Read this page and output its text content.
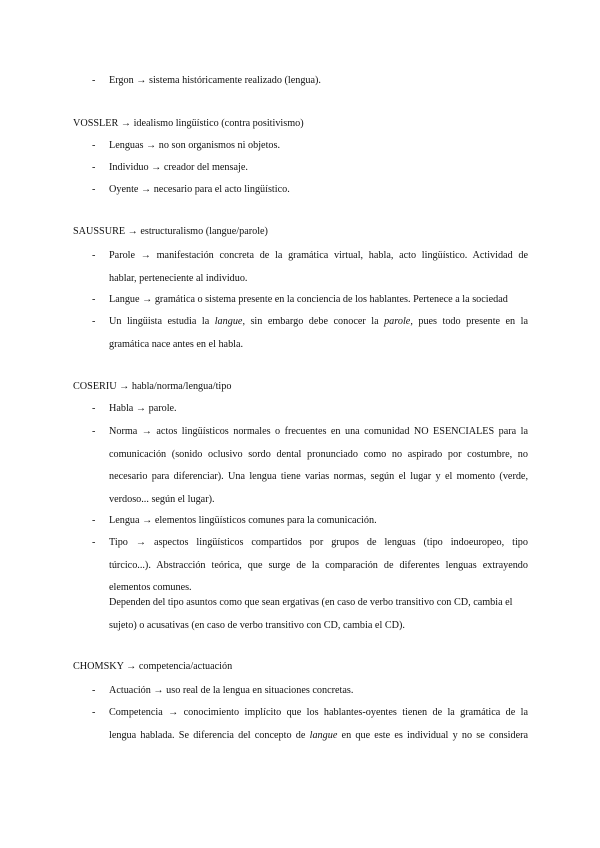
- Ergon → sistema históricamente realizado (lengua).
VOSSLER → idealismo lingüístico (contra positivismo)
- Lenguas → no son organismos ni objetos.
- Individuo → creador del mensaje.
- Oyente → necesario para el acto lingüístico.
SAUSSURE → estructuralismo (langue/parole)
- Parole → manifestación concreta de la gramática virtual, habla, acto lingüístico. Actividad de
hablar, perteneciente al individuo.
- Langue → gramática o sistema presente en la conciencia de los hablantes. Pertenece a la sociedad
- Un lingüista estudia la langue, sin embargo debe conocer la parole, pues todo presente en la
gramática nace antes en el habla.
COSERIU → habla/norma/lengua/tipo
- Habla → parole.
- Norma → actos lingüísticos normales o frecuentes en una comunidad NO ESENCIALES para la
comunicación (sonido oclusivo sordo dental pronunciado como no aspirado por costumbre, no
necesario para diferenciar). Una lengua tiene varias normas, según el lugar y el momento (verde,
verdoso... según el lugar).
- Lengua → elementos lingüísticos comunes para la comunicación.
- Tipo → aspectos lingüísticos compartidos por grupos de lenguas (tipo indoeuropeo, tipo
túrcico...). Abstracción teórica, que surge de la comparación de diferentes lenguas extrayendo
elementos comunes.
Dependen del tipo asuntos como que sean ergativas (en caso de verbo transitivo con CD, cambia el
sujeto) o acusativas (en caso de verbo transitivo con CD, cambia el CD).
CHOMSKY → competencia/actuación
- Actuación → uso real de la lengua en situaciones concretas.
- Competencia → conocimiento implícito que los hablantes-oyentes tienen de la gramática de la
lengua hablada. Se diferencia del concepto de langue en que este es individual y no se considera
